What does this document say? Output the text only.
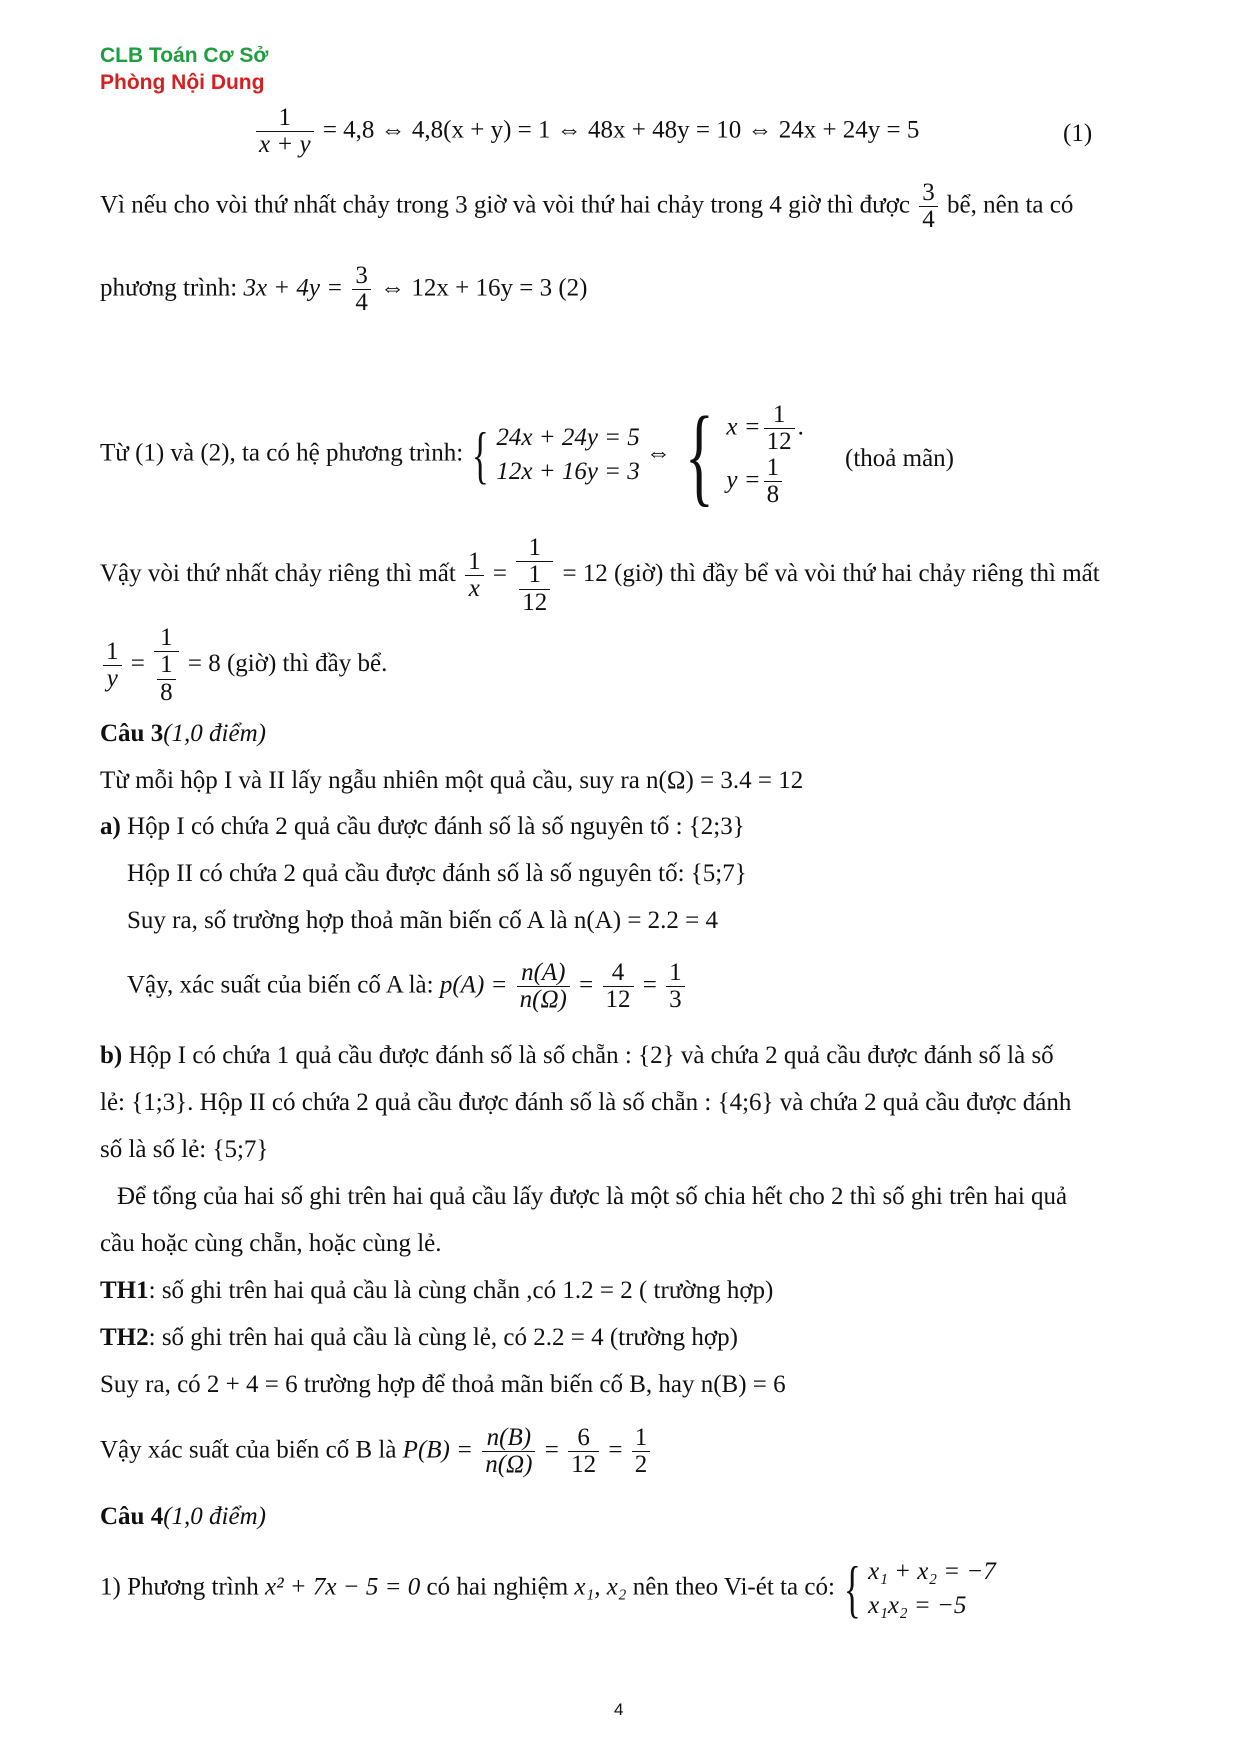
CLB Toán Cơ Sở
Phòng Nội Dung
$\frac{1}{x + y} = 4,8$ ⇔ 4,8(x + y) = 1 ⇔ 48x + 48y = 10 ⇔ 24x + 24y = 5	(1)
Vì nếu cho vòi thứ nhất chảy trong 3 giờ và vòi thứ hai chảy trong 4 giờ thì được $\frac{3}{4}$ bể, nên ta có
phương trình: $3x + 4y = \frac{3}{4}$ ⇔ 12x + 16y = 3 (2)
Từ (1) và (2), ta có hệ phương trình: { 24x + 24y = 5
12x + 16y = 3
⇔ { $x = \frac{1}{12}$ .
$y = \frac{1}{8}$	(thoả mãn)
Vậy vòi thứ nhất chảy riêng thì mất $\frac{1}{x} = 1$
1
12 = 12 (giờ) thì đầy bể và vòi thứ hai chảy riêng thì mất
$\frac{1}{y} = 1$
1
8 = 8 (giờ) thì đầy bể.
Câu 3(1,0 điểm)
Từ mỗi hộp I và II lấy ngẫu nhiên một quả cầu, suy ra n(Ω) = 3.4 = 12
a) Hộp I có chứa 2 quả cầu được đánh số là số nguyên tố : {2;3}
Hộp II có chứa 2 quả cầu được đánh số là số nguyên tố: {5;7}
Suy ra, số trường hợp thoả mãn biến cố A là n(A) = 2.2 = 4
Vậy, xác suất của biến cố A là: $p(A) = \frac{n(A)}{n(\Omega)} = \frac{4}{12} = \frac{1}{3}$
b) Hộp I có chứa 1 quả cầu được đánh số là số chẵn : {2} và chứa 2 quả cầu được đánh số là số
lẻ: {1;3}. Hộp II có chứa 2 quả cầu được đánh số là số chẵn : {4;6} và chứa 2 quả cầu được đánh
số là số lẻ: {5;7}
Để tổng của hai số ghi trên hai quả cầu lấy được là một số chia hết cho 2 thì số ghi trên hai quả
cầu hoặc cùng chẵn, hoặc cùng lẻ.
TH1: số ghi trên hai quả cầu là cùng chẵn ,có 1.2 = 2 ( trường hợp)
TH2: số ghi trên hai quả cầu là cùng lẻ, có 2.2 = 4 (trường hợp)
Suy ra, có 2 + 4 = 6 trường hợp để thoả mãn biến cố B, hay n(B) = 6
Vậy xác suất của biến cố B là $P(B) = \frac{n(B)}{n(\Omega)} = \frac{6}{12} = \frac{1}{2}$
Câu 4(1,0 điểm)
1) Phương trình x² + 7x − 5 = 0 có hai nghiệm x₁, x₂ nên theo Vi-ét ta có: { x₁ + x₂ = −7
x₁x₂ = −5
4
